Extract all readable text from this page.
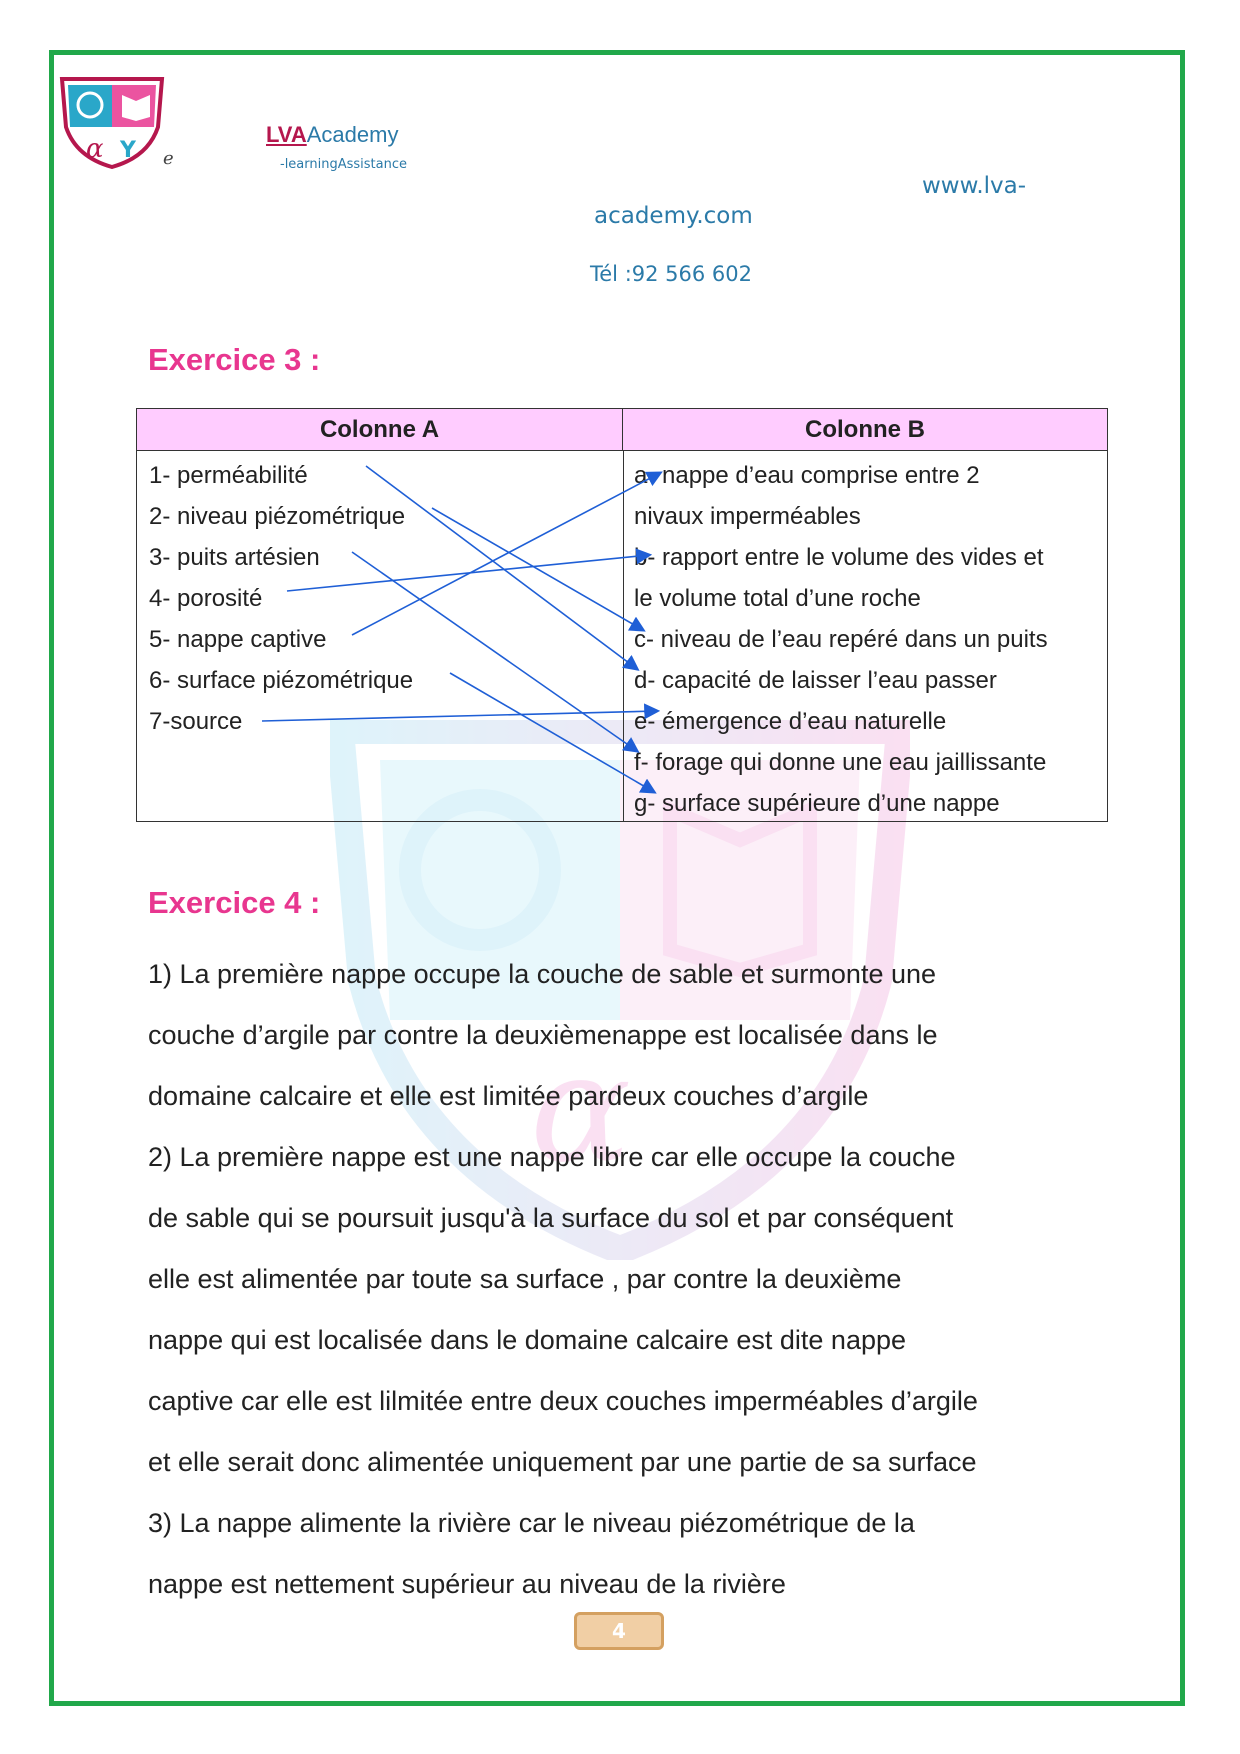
α Y e
LVAAcademy
-learningAssistance
www.lva-
academy.com
Tél :92 566 602
α
Exercice 3 :
Colonne A	Colonne B
1- perméabilité
2- niveau piézométrique
3- puits artésien
4- porosité
5- nappe captive
6- surface piézométrique
7-source
a- nappe d’eau comprise entre 2
nivaux imperméables
b- rapport entre le volume des vides et
le volume total d’une roche
c- niveau de l’eau repéré dans un puits
d- capacité de laisser l’eau passer
e- émergence d’eau naturelle
f- forage qui donne une eau jaillissante
g- surface supérieure d’une nappe
Exercice 4 :

1) La première nappe occupe la couche de sable et surmonte une

couche d’argile par contre la deuxièmenappe est localisée dans le

domaine calcaire et elle est limitée pardeux couches d’argile

2) La première nappe est une nappe libre car elle occupe la couche

de sable qui se poursuit jusqu'à la surface du sol et par conséquent

elle est alimentée par toute sa surface , par contre la deuxième

nappe qui est localisée dans le domaine calcaire est dite nappe

captive car elle est lilmitée entre deux couches imperméables d’argile

et elle serait donc alimentée uniquement par une partie de sa surface

3) La nappe alimente la rivière car le niveau piézométrique de la

nappe est nettement supérieur au niveau de la rivière

4
